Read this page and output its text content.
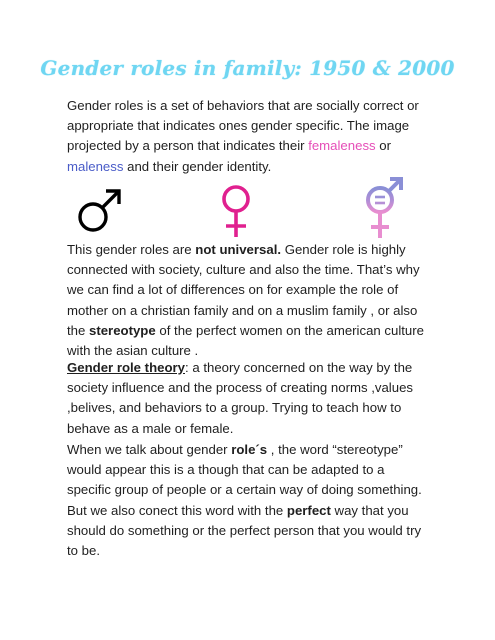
Gender roles in family: 1950 & 2000

Gender roles is a set of behaviors that are socially correct or appropriate that indicates ones gender specific. The image projected by a person that indicates their femaleness or maleness and their gender identity.

This gender roles are not universal. Gender role is highly connected with society, culture and also the time. That’s why we can find a lot of differences on for example the role of mother on a christian family and on a muslim family , or also the stereotype of the perfect women on the american culture with the asian culture .

Gender role theory: a theory concerned on the way by the society influence and the process of creating norms ,values ,belives, and behaviors to a group. Trying to teach how to behave as a male or female.

When we talk about gender role´s , the word “stereotype” would appear this is a though that can be adapted to a specific group of people or a certain way of doing something. But we also conect this word with the perfect way that you should do something or the perfect person that you would try to be.
